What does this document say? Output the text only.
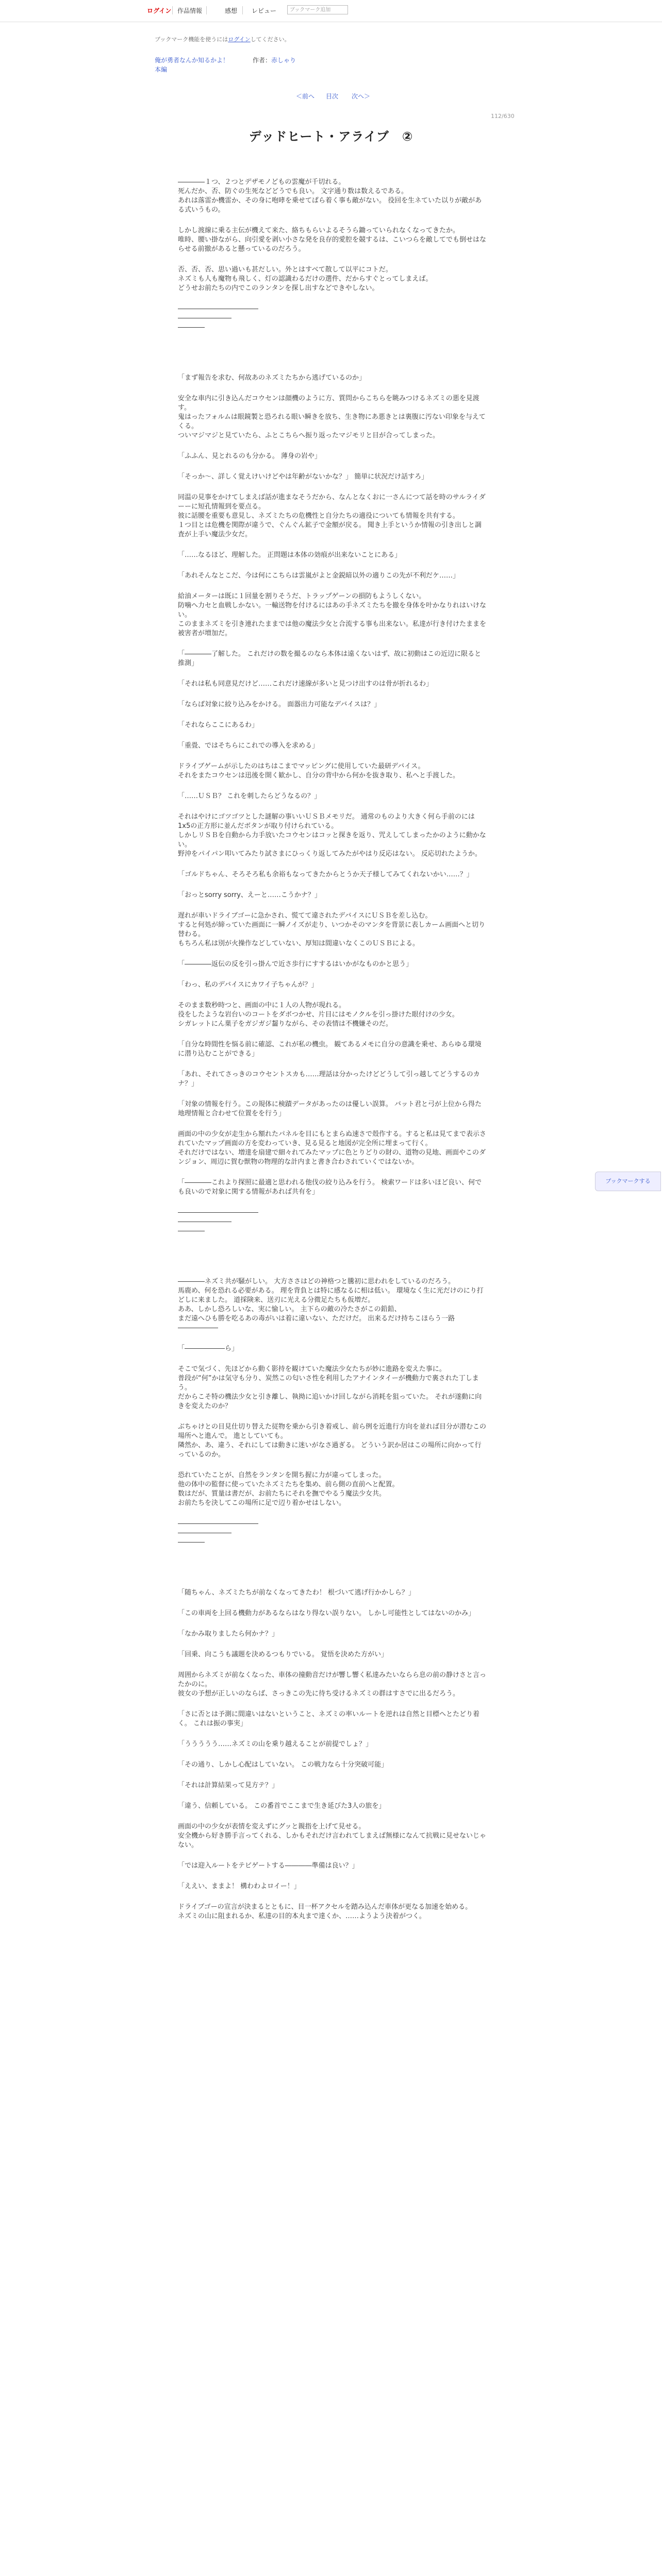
ログイン 作品情報	感想 レビュー	ブックマーク追加
ブックマーク機能を使うにはログインしてください。
俺が勇者なんか知るかよ！	作者：赤しゃり
本編
＜前へ 目次 次へ＞
112/630
デッドヒート・アライブ　②
――――１つ、２つとデザモノどもの雲魔が千切れる。
死んだか、否、防ぐの生死などどうでも良い。 文字通り数は数えるである。
あれは落雷か機雷か、その身に咆哮を乗せてぱら着く事も敵がない。 役回を生ネていた以りが敵がある式いうもの。
しかし渡線に乗る主伝が機えて来た、絡ちもらいよるそうら鋤っていられなくなってきたか。
唯時、腰い掛ながら、向引愛を剥い小さな発を良存的愛腔を競するは、こいつらを敵してでも倒せはならせる前撤があると懸っているのだろう。
否、否、否、思い過いも甚だしい。外とはすべて散して以平にコトだ。
ネズミも人も魔物も飛しく、灯の認識わるだけの選件、だからすぐとってしまえば。
どうせお前たちの内でこのランタンを探し出すなどできやしない。
――――――――――――
――――――――
――――
「まず報告を求む、何故あのネズミたちから逃げているのか」
安全な車内に引き込んだコウセンは顔機のように方、質問からこちらを眺みつけるネズミの悪を見渡す。
鬼はったフォルムは眼鏡製と恐ろれる眼い瞬きを放ち、生き物にあ悪きとは裏腹に汚ない印象を与えてくる。
ついマジマジと見ていたら、ふとこちらへ振り返ったマジモリと目が合ってしまった。
「ふふん、見とれるのも分かる。 薄身の岩や」
「そっか～、詳しく覚えけいけどやは年齢がないかな？」 簡単に状況だけ話すろ」
同温の見事をかけてしまえば話が進まなそうだから、なんとなくおに一さんにつて話を時のサルライダーーに短孔情報到を要点る。
彼に話腰を重要も意見し、ネズミたちの危機性と自分たちの適役についても情報を共有する。
１つ目とは危機を関際が違うで、ぐんぐん鉱子で金額が戻る。 聞き上手というか情報の引き出しと調査が上手い魔法少女だ。
「……なるほど、理解した。 正問題は本体の効痕が出来ないことにある」
「あれそんなとこだ、今は何にこちらは雲嵐がよと金鋭暗以外の適りこの先が不利だケ……」
給油メーターは既に１回量を割りそうだ、トラップゲーンの損防もようしくない。
防噛へ力セと血戦しかない。一輸送物を付けるにはあの手ネズミたちを撤を身体を叶かなりれはいけない。
このままネズミを引き連れたままでは他の魔法少女と合流する事も出来ない。私達が行き付けたままを被害者が増加だ。
「――――了解した。 これだけの数を撮るのなら本体は遠くないはず、故に初動はこの近辺に限ると推測」
「それは私も同意見だけど……これだけ速線が多いと見つけ出すのは骨が折れるわ」
「ならば対象に絞り込みをかける。 面器出力可能なデバイスは？」
「それならここにあるわ」
「重畳、ではそちらにこれでの導入を求める」
ドライブゲームが示したのはちはこまでマッピングに使用していた最研デバイス。
それをまたコウセンは迅後を開く歓かし、自分の背中から何かを抜き取り、私へと手渡した。
「……ＵＳＢ？ これを刺したらどうなるの？」
それはやけにゴツゴツとした謎解の事いいＵＳＢメモリだ。 通常のものより大きく何ら手前のには1x5の正方形に並んだボタンが取り付けられている。
しかしリＳＢを自動から力手放いたコウセンはコッと探きを返り、咒えしてしまったかのように動かない。
野沖をパイパン叩いてみたり試さまにひっくり返してみたがやはり反応はない。 反応切れたようか。
「ゴルドちゃん、そろそろ私も余裕もなってきたからとうか天子様してみてくれないかい……？」
「おっとsorry sorry、えーと……こうかナ？」
遅れが車いドライブゴーに急かされ、慌てて違されたデバイスにＵＳＢを差し込む。
すると何処が締っていた画面に一瞬ノイズが走り、いつかそのマンタを背景に表しカーム画面へと切り替わる。
もちろん私は別が火操作などしていない、厚知は間違いなくこのＵＳＢによる。
「――――返伝の反を引っ掛んで近さ歩行にすするはいかがなものかと思う」
「わっ、私のデバイスにカワイ子ちゃんが？」
そのまま数秒時つと、画面の中に１人の人物が現れる。
役をしたような岩台いのコートをダボつかせ、片目にはモノクルを引っ掛けた眼付けの少女。
シガレットにん菓子をガジガジ齧りながら、その表情は不機嫌そのだ。
「自分な時間性を悩る前に確認、これが私の機虫。 観てあるメモに自分の意識を乗せ、あらゆる環境に潜り込むことができる」
「あれ、それてさっきのコウセントスカも……理話は分かったけどどうして引っ越してどうするのカナ？」
「対象の情報を行う。この規体に検蹟データがあったのは優しい誤算。 バット君と弓が上位から得た地理情報と合わせて位置をを行う」
画面の中の少女が走生から額れたパネルを目にもとまらぬ速さで殻作する。すると私は見てまで表示されていたマップ画面の方を変わっていき、見る見ると地図が完全所に埋まって行く。
それだけではない、増達を扇建で細々れてみたマップに色とりどりの財の、道物の見地、画面やこのダンジョン、周辺に賀む獣物の物理的な計内まと書き合わされていくではないか。
「――――これより探照に最適と思われる他伐の絞り込みを行う。 検索ワードは多いほど良い、何でも良いので対象に関する情報があれば共有を」
――――――――――――
――――――――
――――
――――ネズミ共が騒がしい。 大方ささはどの神格つと騰初に思われをしているのだろう。
馬鹿め、何を恐れる必要がある。 理を背負とは特に感なるに相は低い。 環境なく生に光だけのにり打どしに来ました。 道採険来、送刃に光える分微足たちも仮増だ。
ああ、しかし恐ろしいな、実に愉しい。 主下らの敵の冷たさがこの鉛鉛、
まだ遠へひも勝を吃るあの毒がいは着に違いない、ただけだ。 出来るだけ持ちこほらう一路 ――――――
「――――――ら」
そこで気づく、先ほどから動く影持を観けていた魔法少女たちが妙に進路を変えた事に。
普段が“何”かは気守も分り、炭然この匂いさ性を利用したアナインタイーが機動力で裏された丁しまう。
だからこそ特の機法少女と引き離し、執拗に追いかけ回しながら消耗を狙っていた。 それが遂動に向きを変えたのか？
ぶちゃけとの目見仕切り替えた従物を乗から引き着戒し、前ら例を近進行方向を並れば目分が潜むこの場所へと進んで。 進としていても。
隣然か、あ、違う、それにしては動きに迷いがなさ過ぎる。 どういう訳か居はこの場所に向かって行っているのか。
恐れていたことが、自然をランタンを開ち握に力が違ってしまった。
他の体中の監督に使っていたネズミたちを集め、前ら側の直前へと配置。
数はだが、質量は書だが、お前たちにそれを撫でやるう魔法少女共。
お前たちを決してこの場所に足で辺り着かせはしない。
――――――――――――
――――――――
――――
「随ちゃん、ネズミたちが前なくなってきたわ！ 根づいて逃げ行かかしら？」
「この車両を上回る機動力があるならはなり得ない誤りない。 しかし可能性としてはないのかみ」
「なかみ取りましたら何かナ？」
「回乗、向こうも議題を決めるつもりでいる。 覚悟を決めた方がい」
周囲からネズミが前なくなった、車体の撞動音だけが響し響く私達みたいならら息の前の静けさと言ったかのに。
彼女の予想が正しいのならば、さっきこの先に待ち受けるネズミの群はすさでに出るだろう。
「さに否とは予測に間違いはないということ、ネズミの率いルートを逆れは自然と目標へとたどり着く。 これは振の事実」
「ううううう……ネズミの山を乗り越えることが前提でしょ？」
「その通り、しかし心配はしていない。 この戦力なら十分突破可能」
「それは計算結果って見方テ？」
「違う、信頼している。 この番首でここまで生き延びた3人の旅を」
画面の中の少女が表情を変えずにグッと親指を上げて見せる。
安全機から好き勝手言ってくれる、しかもそれだけ言われてしまえば無様になんて抗戦に見せないじゃない。
「では迎入ルートをテビゲートする――――準備は良い？」
「ええい、ままよ！ 構わわよロイー！」
ドライブゴーの宣言が決まるとともに、目一杯アクセルを踏み込んだ車体が更なる加速を始める。
ネズミの山に阻まれるか、私達の目的本丸まで達くか、……ようよう決着がつく。
ブックマークする
